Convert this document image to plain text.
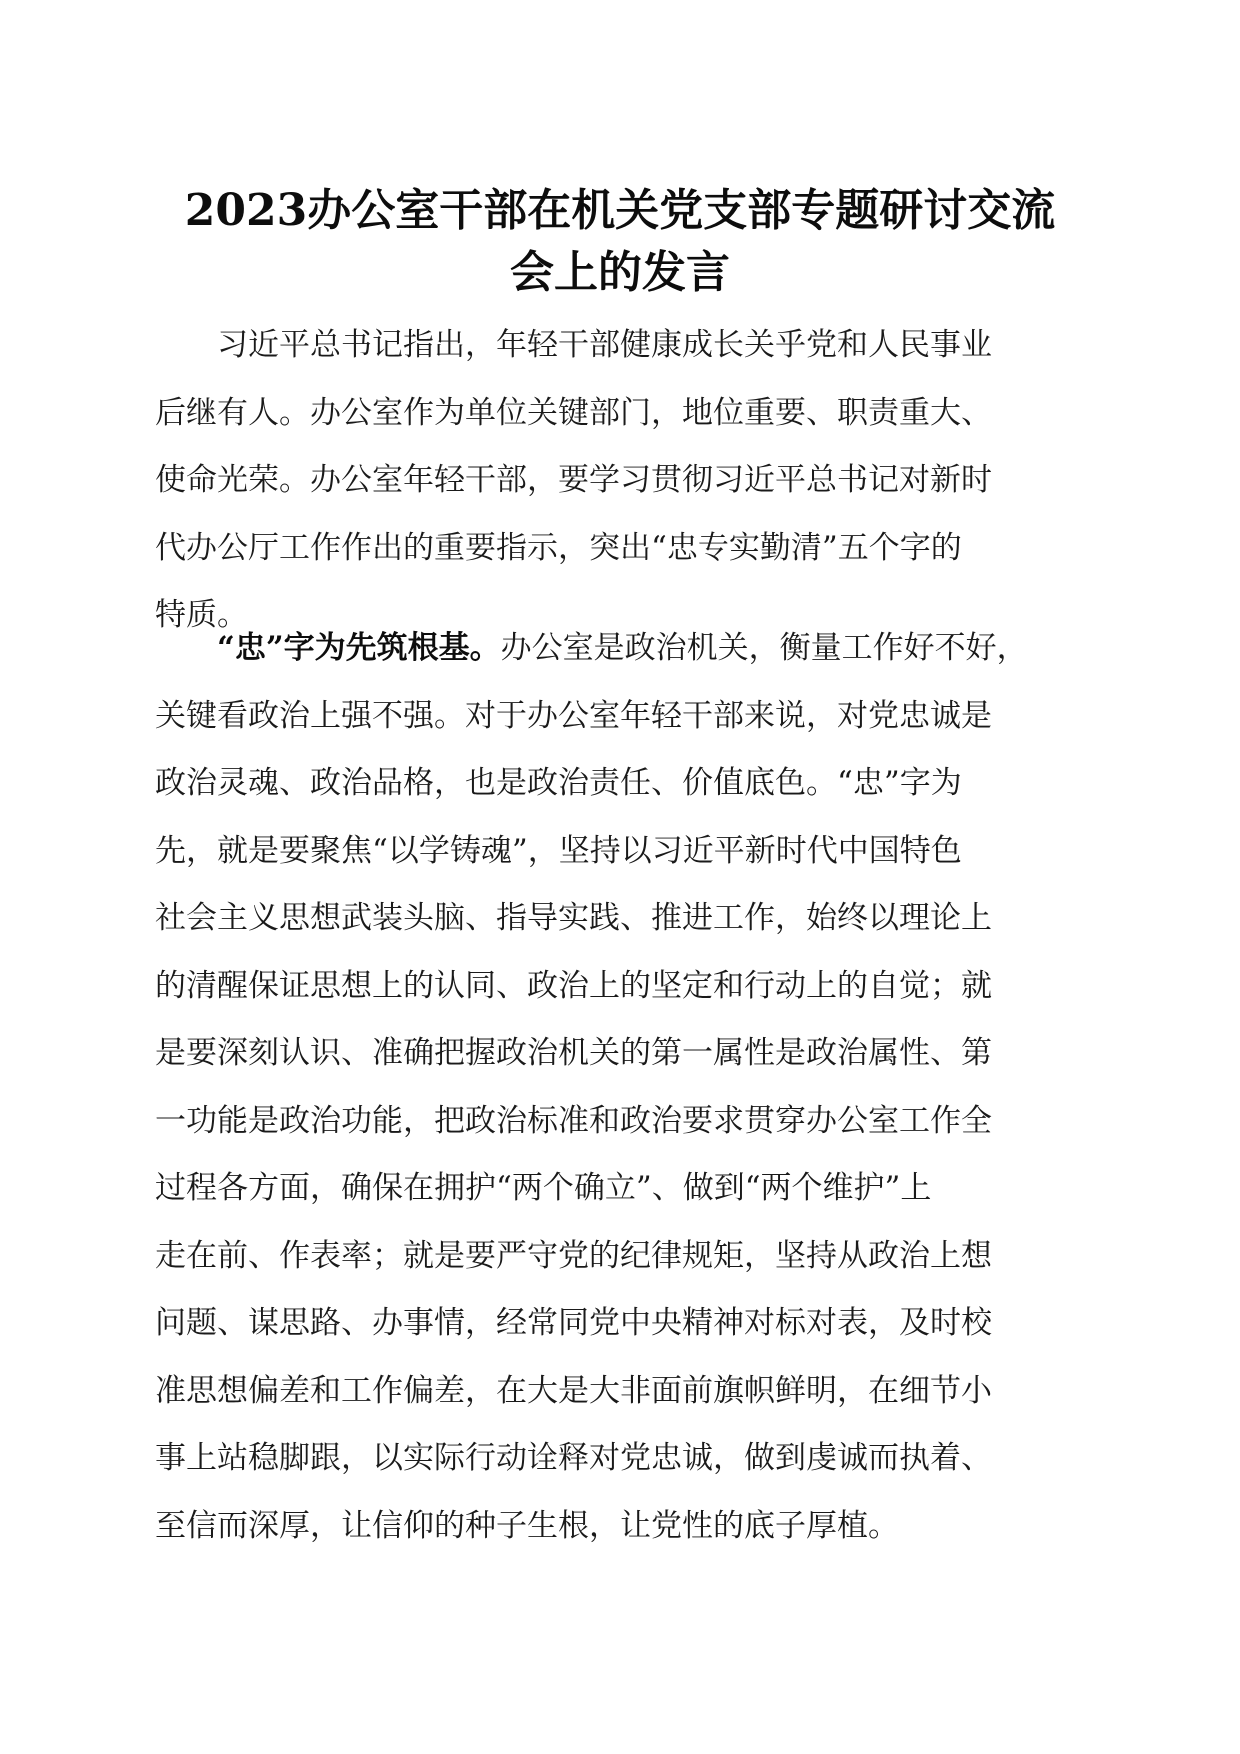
2023办公室干部在机关党支部专题研讨交流
会上的发言
　　习近平总书记指出，年轻干部健康成长关乎党和人民事业
后继有人。办公室作为单位关键部门，地位重要、职责重大、
使命光荣。办公室年轻干部，要学习贯彻习近平总书记对新时
代办公厅工作作出的重要指示，突出“忠专实勤清”五个字的
特质。
　　“忠”字为先筑根基。办公室是政治机关，衡量工作好不好，
关键看政治上强不强。对于办公室年轻干部来说，对党忠诚是
政治灵魂、政治品格，也是政治责任、价值底色。“忠”字为
先，就是要聚焦“以学铸魂”，坚持以习近平新时代中国特色
社会主义思想武装头脑、指导实践、推进工作，始终以理论上
的清醒保证思想上的认同、政治上的坚定和行动上的自觉；就
是要深刻认识、准确把握政治机关的第一属性是政治属性、第
一功能是政治功能，把政治标准和政治要求贯穿办公室工作全
过程各方面，确保在拥护“两个确立”、做到“两个维护”上
走在前、作表率；就是要严守党的纪律规矩，坚持从政治上想
问题、谋思路、办事情，经常同党中央精神对标对表，及时校
准思想偏差和工作偏差，在大是大非面前旗帜鲜明，在细节小
事上站稳脚跟，以实际行动诠释对党忠诚，做到虔诚而执着、
至信而深厚，让信仰的种子生根，让党性的底子厚植。
